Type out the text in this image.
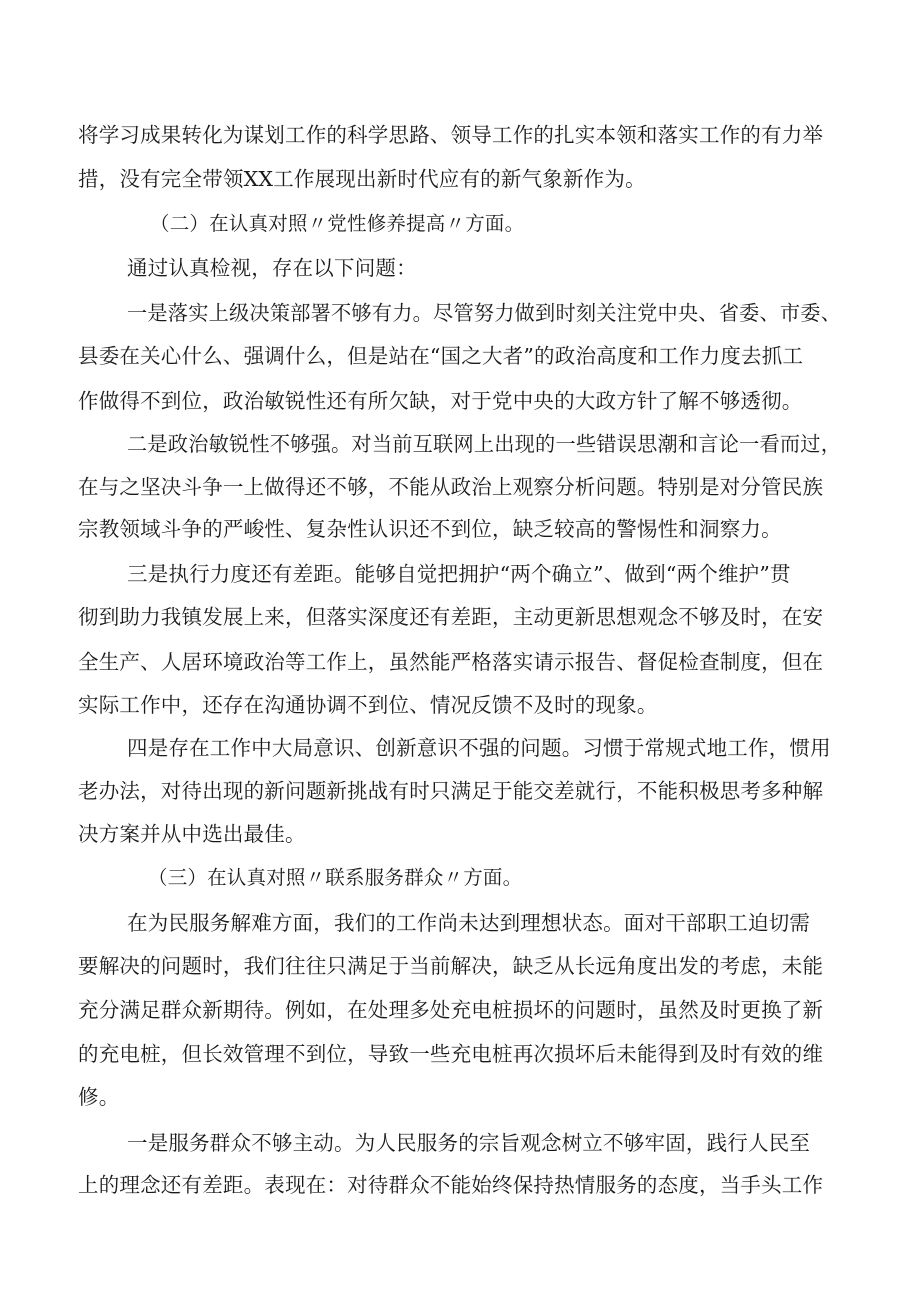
将学习成果转化为谋划工作的科学思路、领导工作的扎实本领和落实工作的有力举
措，没有完全带领XX工作展现出新时代应有的新气象新作为。
（二）在认真对照〃党性修养提高〃方面。
通过认真检视，存在以下问题：
一是落实上级决策部署不够有力。尽管努力做到时刻关注党中央、省委、市委、
县委在关心什么、强调什么，但是站在“国之大者”的政治高度和工作力度去抓工
作做得不到位，政治敏锐性还有所欠缺，对于党中央的大政方针了解不够透彻。
二是政治敏锐性不够强。对当前互联网上出现的一些错误思潮和言论一看而过，
在与之坚决斗争一上做得还不够，不能从政治上观察分析问题。特别是对分管民族
宗教领域斗争的严峻性、复杂性认识还不到位，缺乏较高的警惕性和洞察力。
三是执行力度还有差距。能够自觉把拥护“两个确立”、做到“两个维护”贯
彻到助力我镇发展上来，但落实深度还有差距，主动更新思想观念不够及时，在安
全生产、人居环境政治等工作上，虽然能严格落实请示报告、督促检查制度，但在
实际工作中，还存在沟通协调不到位、情况反馈不及时的现象。
四是存在工作中大局意识、创新意识不强的问题。习惯于常规式地工作，惯用
老办法，对待出现的新问题新挑战有时只满足于能交差就行，不能积极思考多种解
决方案并从中选出最佳。
（三）在认真对照〃联系服务群众〃方面。
在为民服务解难方面，我们的工作尚未达到理想状态。面对干部职工迫切需
要解决的问题时，我们往往只满足于当前解决，缺乏从长远角度出发的考虑，未能
充分满足群众新期待。例如，在处理多处充电桩损坏的问题时，虽然及时更换了新
的充电桩，但长效管理不到位，导致一些充电桩再次损坏后未能得到及时有效的维
修。
一是服务群众不够主动。为人民服务的宗旨观念树立不够牢固，践行人民至
上的理念还有差距。表现在：对待群众不能始终保持热情服务的态度，当手头工作
